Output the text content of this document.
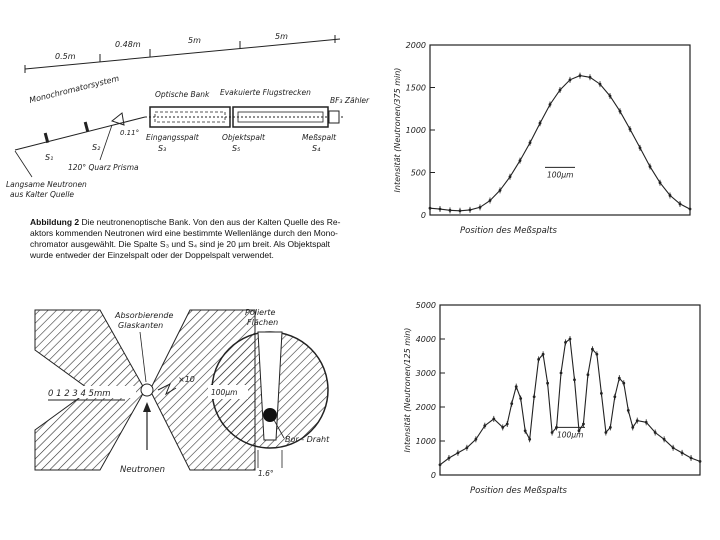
0.5m
0.48m	5m	5m
Monochromatorsystem
S₁
S₂
0.11°
Optische Bank Evakuierte Flugstrecken
BF₃ Zähler
Eingangsspalt
S₃
Objektspalt
S₅
Meßspalt
S₄
120° Quarz Prisma
Langsame Neutronen
aus Kalter Quelle
Abbildung 2 Die neutronenoptische Bank. Von den aus der Kalten Quelle des Re-
aktors kommenden Neutronen wird eine bestimmte Wellenlänge durch den Mono-
chromator ausgewählt. Die Spalte S₃ und S₄ sind je 20 µm breit. Als Objektspalt
wurde entweder der Einzelspalt oder der Doppelspalt verwendet.
0
500
1000
1500
2000
Intensität (Neutronen/375 min)
Position des Meßspalts
100µm
0 1 2 3 4 5mm	100µm
×10
Absorbierende
Glaskanten
Polierte
Flächen
Bor - Draht
1.6°
Neutronen
0
1000
2000
3000
4000
5000
Intensität (Neutronen/125 min)
Position des Meßspalts
100µm
